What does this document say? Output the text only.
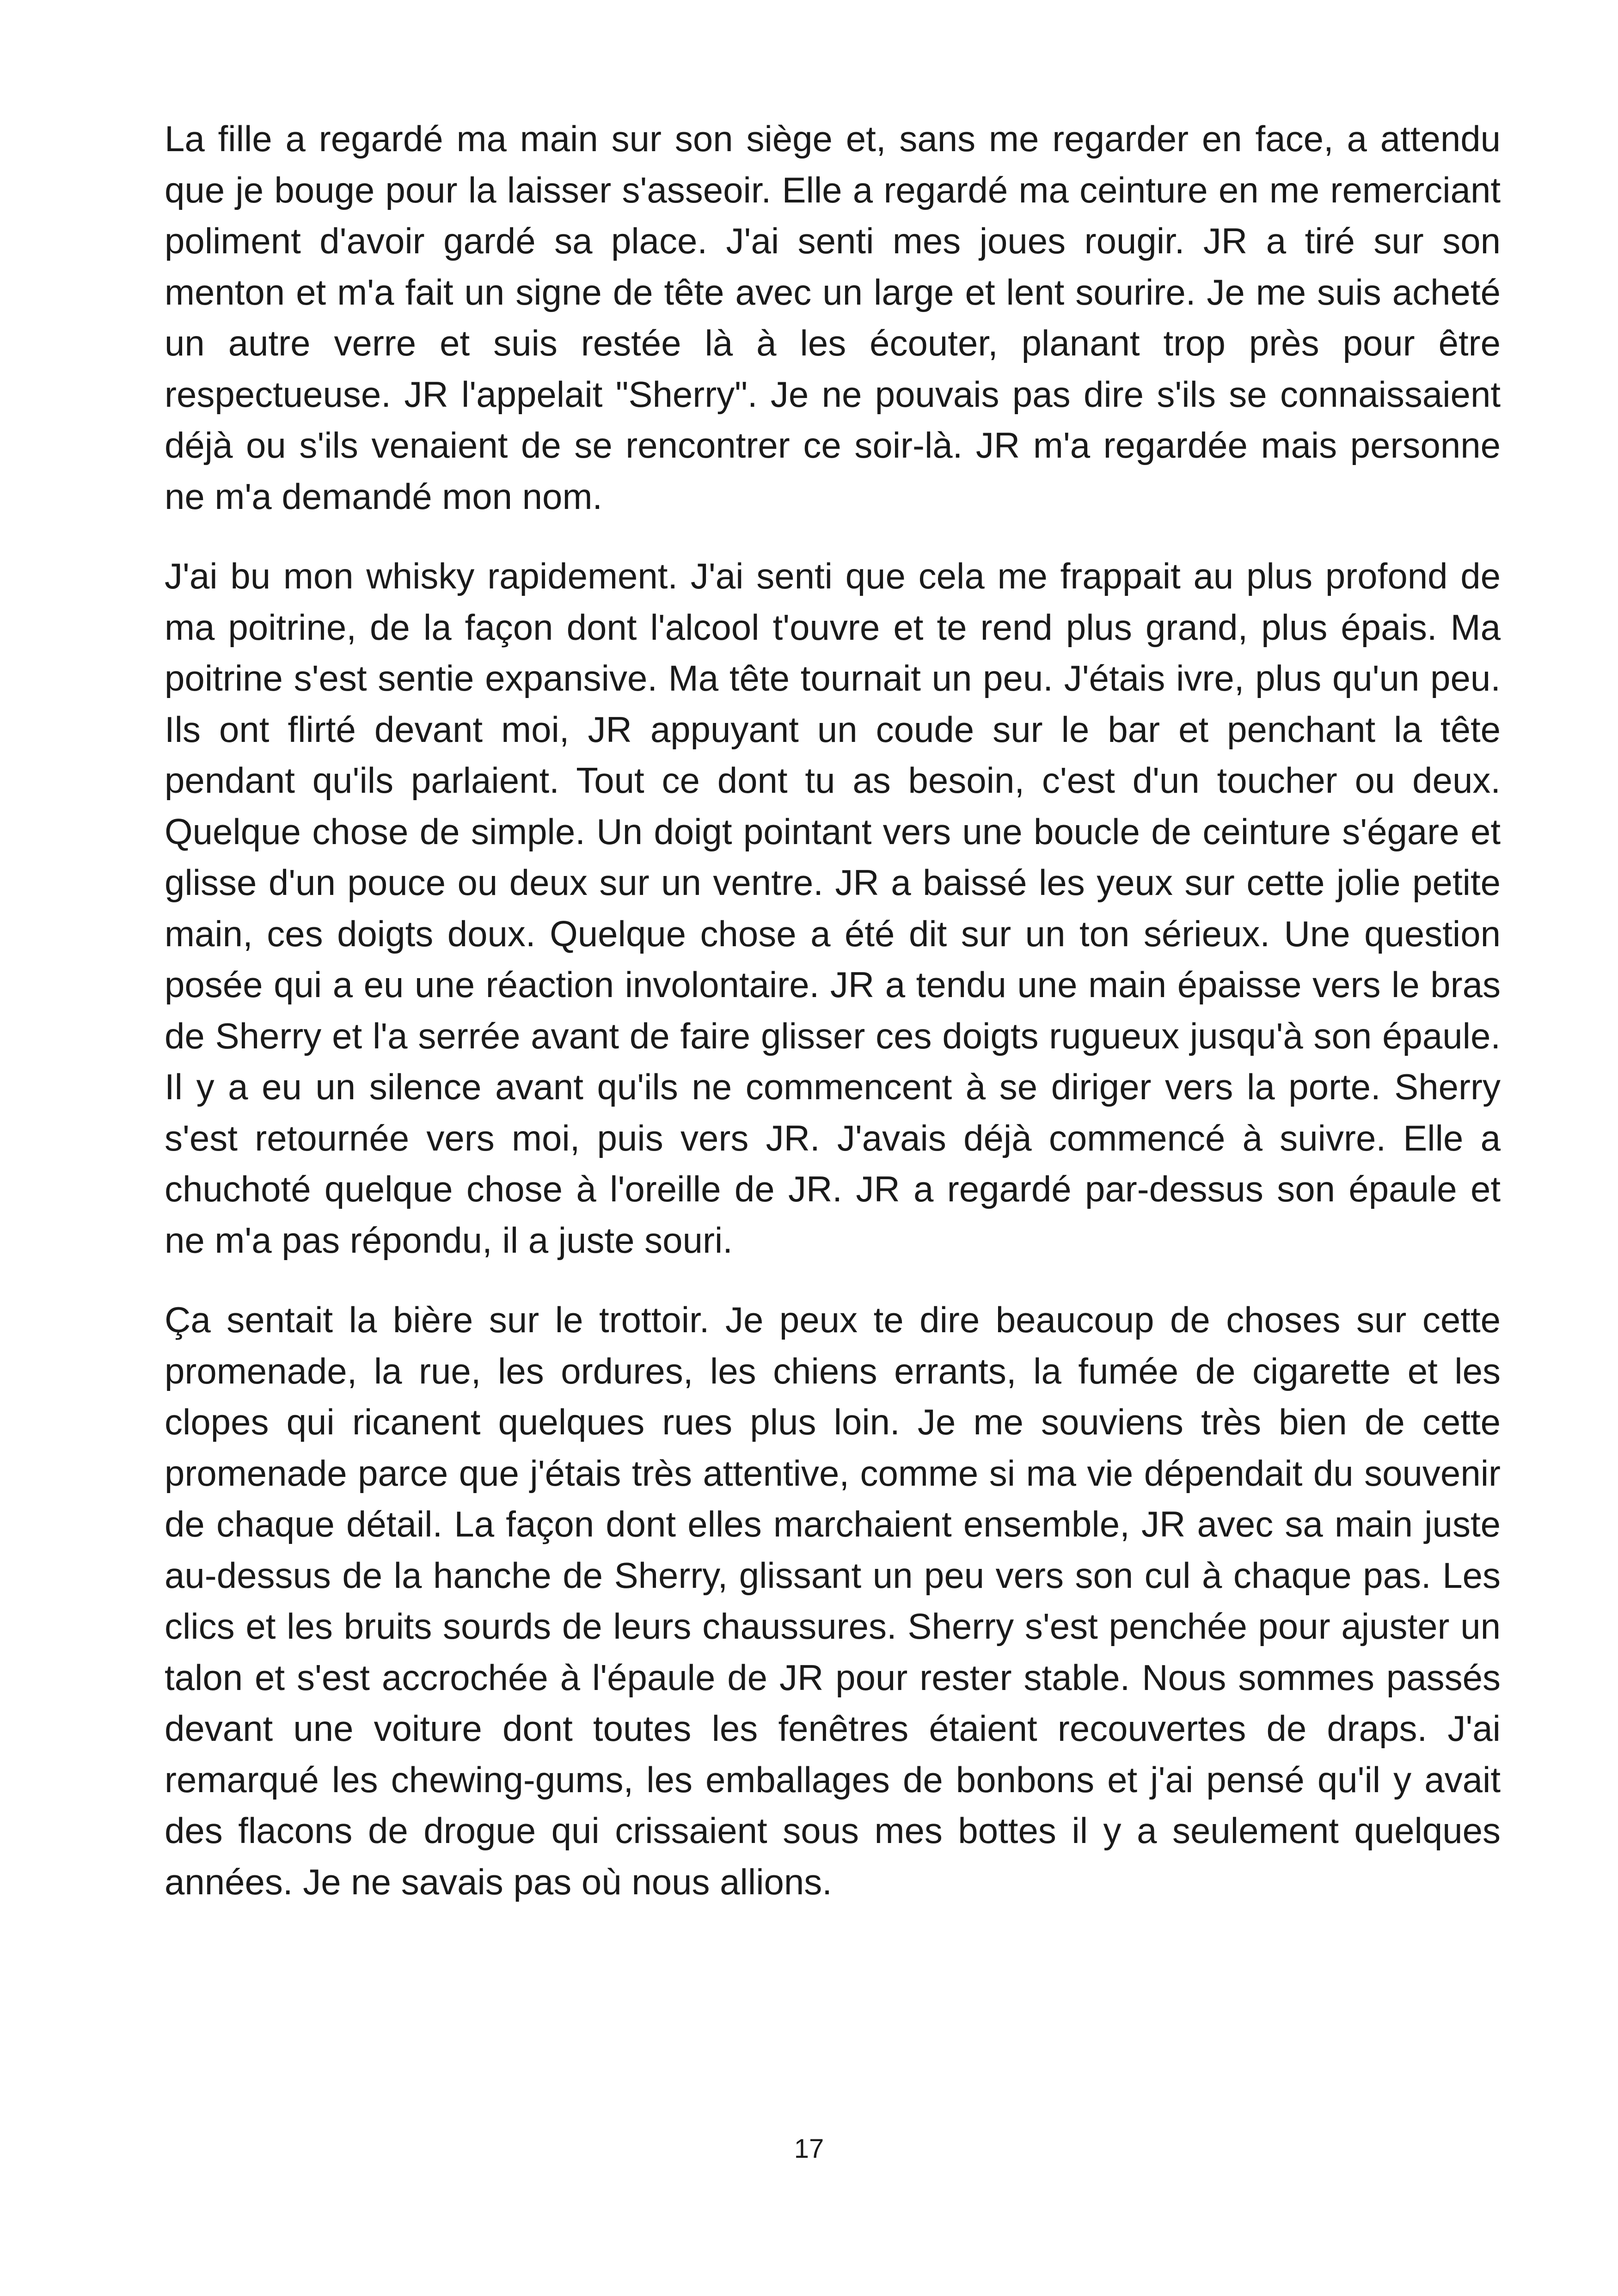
La fille a regardé ma main sur son siège et, sans me regarder en face, a attendu que je bouge pour la laisser s'asseoir. Elle a regardé ma ceinture en me remerciant poliment d'avoir gardé sa place. J'ai senti mes joues rougir. JR a tiré sur son menton et m'a fait un signe de tête avec un large et lent sourire. Je me suis acheté un autre verre et suis restée là à les écouter, planant trop près pour être respectueuse. JR l'appelait "Sherry". Je ne pouvais pas dire s'ils se connaissaient déjà ou s'ils venaient de se rencontrer ce soir-là. JR m'a regardée mais personne ne m'a demandé mon nom.

J'ai bu mon whisky rapidement. J'ai senti que cela me frappait au plus profond de ma poitrine, de la façon dont l'alcool t'ouvre et te rend plus grand, plus épais. Ma poitrine s'est sentie expansive. Ma tête tournait un peu. J'étais ivre, plus qu'un peu. Ils ont flirté devant moi, JR appuyant un coude sur le bar et penchant la tête pendant qu'ils parlaient. Tout ce dont tu as besoin, c'est d'un toucher ou deux. Quelque chose de simple. Un doigt pointant vers une boucle de ceinture s'égare et glisse d'un pouce ou deux sur un ventre. JR a baissé les yeux sur cette jolie petite main, ces doigts doux. Quelque chose a été dit sur un ton sérieux. Une question posée qui a eu une réaction involontaire. JR a tendu une main épaisse vers le bras de Sherry et l'a serrée avant de faire glisser ces doigts rugueux jusqu'à son épaule. Il y a eu un silence avant qu'ils ne commencent à se diriger vers la porte. Sherry s'est retournée vers moi, puis vers JR. J'avais déjà commencé à suivre. Elle a chuchoté quelque chose à l'oreille de JR. JR a regardé par-dessus son épaule et ne m'a pas répondu, il a juste souri.

Ça sentait la bière sur le trottoir. Je peux te dire beaucoup de choses sur cette promenade, la rue, les ordures, les chiens errants, la fumée de cigarette et les clopes qui ricanent quelques rues plus loin. Je me souviens très bien de cette promenade parce que j'étais très attentive, comme si ma vie dépendait du souvenir de chaque détail. La façon dont elles marchaient ensemble, JR avec sa main juste au-dessus de la hanche de Sherry, glissant un peu vers son cul à chaque pas. Les clics et les bruits sourds de leurs chaussures. Sherry s'est penchée pour ajuster un talon et s'est accrochée à l'épaule de JR pour rester stable. Nous sommes passés devant une voiture dont toutes les fenêtres étaient recouvertes de draps. J'ai remarqué les chewing-gums, les emballages de bonbons et j'ai pensé qu'il y avait des flacons de drogue qui crissaient sous mes bottes il y a seulement quelques années. Je ne savais pas où nous allions.

17
